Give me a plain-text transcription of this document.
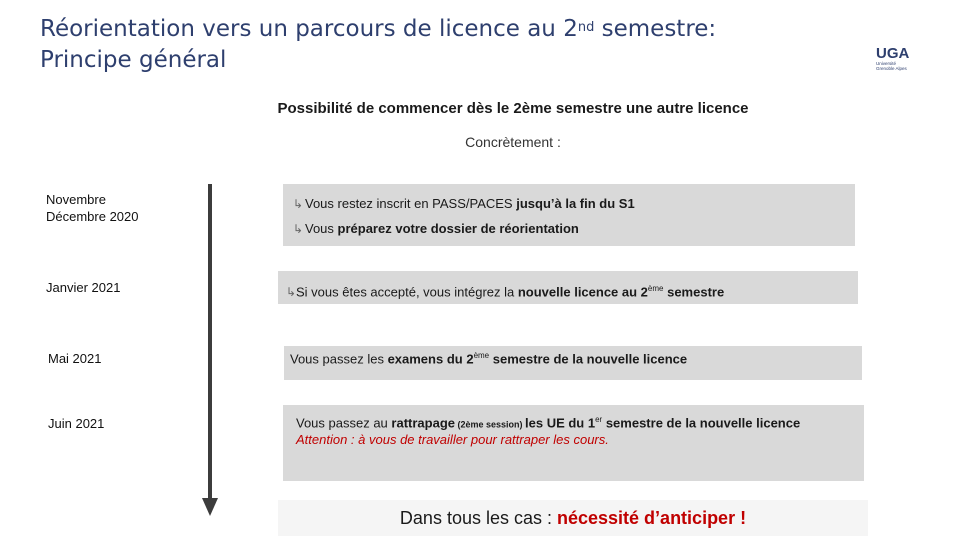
Réorientation vers un parcours de licence au 2nd semestre:
Principe général	UGA
Université
Grenoble Alpes
Possibilité de commencer dès le 2ème semestre une autre licence
Concrètement :
Novembre
Décembre 2020
Janvier 2021
Mai 2021
Juin 2021
↳ Vous restez inscrit en PASS/PACES jusqu’à la fin du S1
↳ Vous préparez votre dossier de réorientation
↳Si vous êtes accepté, vous intégrez la nouvelle licence au 2ème semestre
Vous passez les examens du 2ème semestre de la nouvelle licence
Vous passez au rattrapage (2ème session) les UE du 1er semestre de la nouvelle licence
Attention : à vous de travailler pour rattraper les cours.
Dans tous les cas : nécessité d’anticiper !
